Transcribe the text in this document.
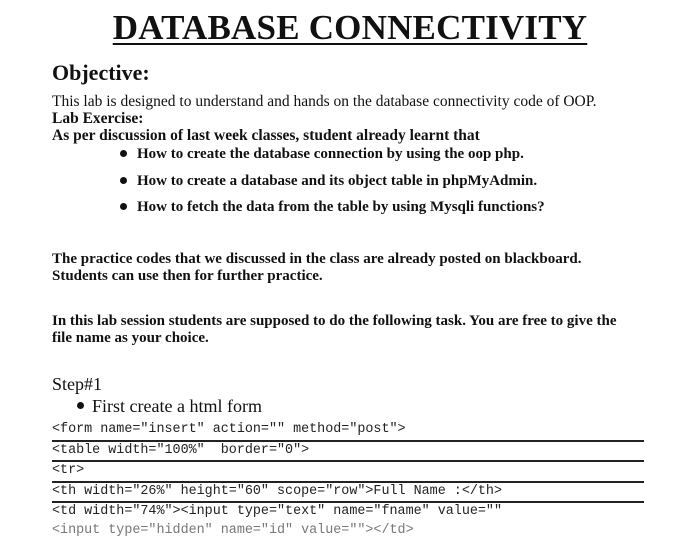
DATABASE CONNECTIVITY
Objective:
This lab is designed to understand and hands on the database connectivity code of OOP.
Lab Exercise:
As per discussion of last week classes, student already learnt that
How to create the database connection by using the oop php.
How to create a database and its object table in phpMyAdmin.
How to fetch the data from the table by using Mysqli functions?
The practice codes that we discussed in the class are already posted on blackboard.
Students can use then for further practice.
In this lab session students are supposed to do the following task. You are free to give the
file name as your choice.
Step#1
First create a html form
<form name="insert" action="" method="post">
<table width="100%"  border="0">
<tr>
<th width="26%" height="60" scope="row">Full Name :</th>
<td width="74%"><input type="text" name="fname" value=""
<input type="hidden" name="id" value=""></td>
